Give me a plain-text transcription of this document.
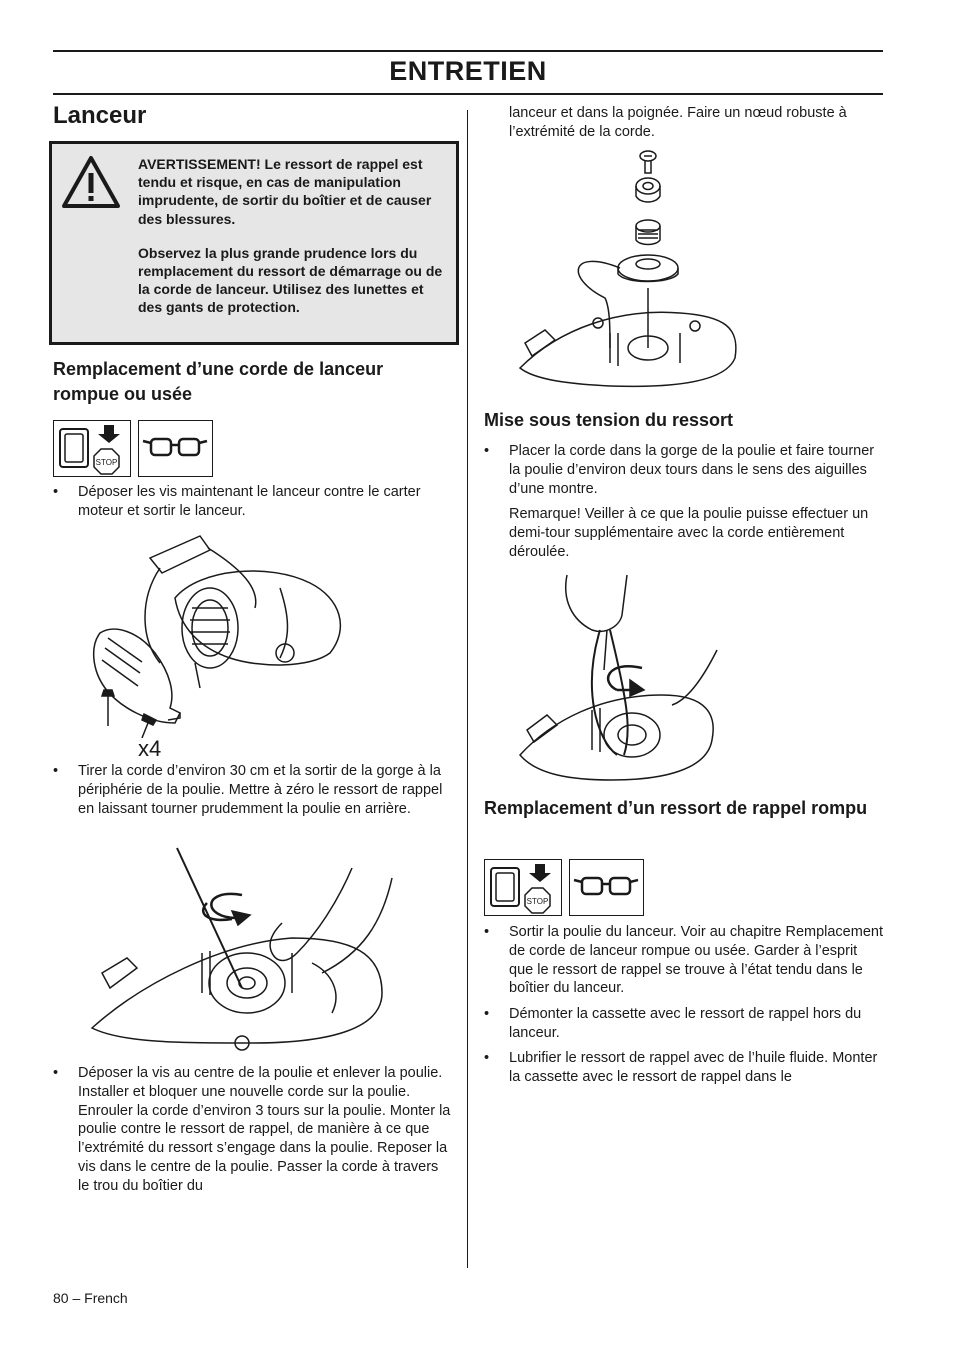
ENTRETIEN
Lanceur

AVERTISSEMENT! Le ressort de rappel est tendu et risque, en cas de manipulation imprudente, de sortir du boîtier et de causer des blessures.

Observez la plus grande prudence lors du remplacement du ressort de démarrage ou de la corde de lanceur. Utilisez des lunettes et des gants de protection.

Remplacement d’une corde de lanceur rompue ou usée
STOP
• Déposer les vis maintenant le lanceur contre le carter moteur et sortir le lanceur.
x4
• Tirer la corde d’environ 30 cm et la sortir de la gorge à la périphérie de la poulie. Mettre à zéro le ressort de rappel en laissant tourner prudemment la poulie en arrière.
• Déposer la vis au centre de la poulie et enlever la poulie. Installer et bloquer une nouvelle corde sur la poulie. Enrouler la corde d’environ 3 tours sur la poulie. Monter la poulie contre le ressort de rappel, de manière à ce que l’extrémité du ressort s’engage dans la poulie. Reposer la vis dans le centre de la poulie. Passer la corde à travers le trou du boîtier du
lanceur et dans la poignée. Faire un nœud robuste à l’extrémité de la corde.
Mise sous tension du ressort
• Placer la corde dans la gorge de la poulie et faire tourner la poulie d’environ deux tours dans le sens des aiguilles d’une montre.
Remarque! Veiller à ce que la poulie puisse effectuer un demi-tour supplémentaire avec la corde entièrement déroulée.
Remplacement d’un ressort de rappel rompu
STOP
• Sortir la poulie du lanceur. Voir au chapitre Remplacement de corde de lanceur rompue ou usée. Garder à l’esprit que le ressort de rappel se trouve à l’état tendu dans le boîtier du lanceur.
• Démonter la cassette avec le ressort de rappel hors du lanceur.
• Lubrifier le ressort de rappel avec de l’huile fluide. Monter la cassette avec le ressort de rappel dans le
80 – French
